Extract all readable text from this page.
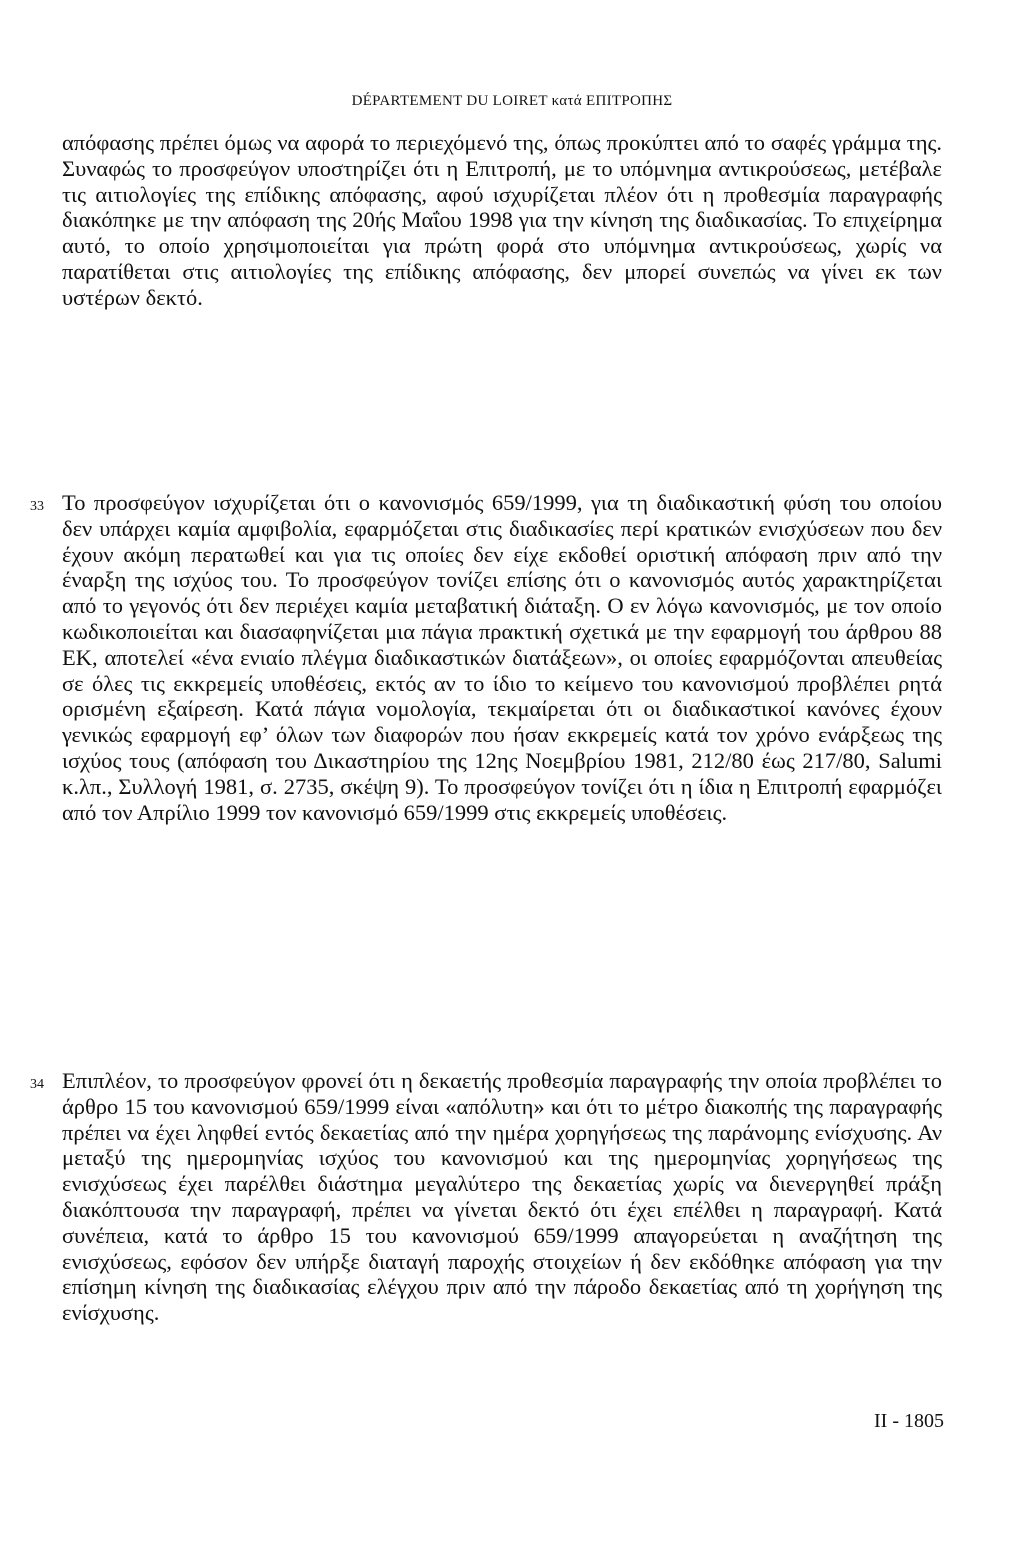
DÉPARTEMENT DU LOIRET κατά ΕΠΙΤΡΟΠΗΣ
απόφασης πρέπει όμως να αφορά το περιεχόμενό της, όπως προκύπτει από το σαφές γράμμα της. Συναφώς το προσφεύγον υποστηρίζει ότι η Επιτροπή, με το υπόμνημα αντικρούσεως, μετέβαλε τις αιτιολογίες της επίδικης απόφασης, αφού ισχυρίζεται πλέον ότι η προθεσμία παραγραφής διακόπηκε με την απόφαση της 20ής Μαΐου 1998 για την κίνηση της διαδικασίας. Το επιχείρημα αυτό, το οποίο χρησιμοποιείται για πρώτη φορά στο υπόμνημα αντικρούσεως, χωρίς να παρατίθεται στις αιτιολογίες της επίδικης απόφασης, δεν μπορεί συνεπώς να γίνει εκ των υστέρων δεκτό.
33 Το προσφεύγον ισχυρίζεται ότι ο κανονισμός 659/1999, για τη διαδικαστική φύση του οποίου δεν υπάρχει καμία αμφιβολία, εφαρμόζεται στις διαδικασίες περί κρατικών ενισχύσεων που δεν έχουν ακόμη περατωθεί και για τις οποίες δεν είχε εκδοθεί οριστική απόφαση πριν από την έναρξη της ισχύος του. Το προσφεύγον τονίζει επίσης ότι ο κανονισμός αυτός χαρακτηρίζεται από το γεγονός ότι δεν περιέχει καμία μεταβατική διάταξη. Ο εν λόγω κανονισμός, με τον οποίο κωδικοποιείται και διασαφηνίζεται μια πάγια πρακτική σχετικά με την εφαρμογή του άρθρου 88 ΕΚ, αποτελεί «ένα ενιαίο πλέγμα διαδικαστικών διατάξεων», οι οποίες εφαρμόζονται απευθείας σε όλες τις εκκρεμείς υποθέσεις, εκτός αν το ίδιο το κείμενο του κανονισμού προβλέπει ρητά ορισμένη εξαίρεση. Κατά πάγια νομολογία, τεκμαίρεται ότι οι διαδικαστικοί κανόνες έχουν γενικώς εφαρμογή εφ’ όλων των διαφορών που ήσαν εκκρεμείς κατά τον χρόνο ενάρξεως της ισχύος τους (απόφαση του Δικαστηρίου της 12ης Νοεμβρίου 1981, 212/80 έως 217/80, Salumi κ.λπ., Συλλογή 1981, σ. 2735, σκέψη 9). Το προσφεύγον τονίζει ότι η ίδια η Επιτροπή εφαρμόζει από τον Απρίλιο 1999 τον κανονισμό 659/1999 στις εκκρεμείς υποθέσεις.
34 Επιπλέον, το προσφεύγον φρονεί ότι η δεκαετής προθεσμία παραγραφής την οποία προβλέπει το άρθρο 15 του κανονισμού 659/1999 είναι «απόλυτη» και ότι το μέτρο διακοπής της παραγραφής πρέπει να έχει ληφθεί εντός δεκαετίας από την ημέρα χορηγήσεως της παράνομης ενίσχυσης. Αν μεταξύ της ημερομηνίας ισχύος του κανονισμού και της ημερομηνίας χορηγήσεως της ενισχύσεως έχει παρέλθει διάστημα μεγαλύτερο της δεκαετίας χωρίς να διενεργηθεί πράξη διακόπτουσα την παραγραφή, πρέπει να γίνεται δεκτό ότι έχει επέλθει η παραγραφή. Κατά συνέπεια, κατά το άρθρο 15 του κανονισμού 659/1999 απαγορεύεται η αναζήτηση της ενισχύσεως, εφόσον δεν υπήρξε διαταγή παροχής στοιχείων ή δεν εκδόθηκε απόφαση για την επίσημη κίνηση της διαδικασίας ελέγχου πριν από την πάροδο δεκαετίας από τη χορήγηση της ενίσχυσης.
II - 1805
